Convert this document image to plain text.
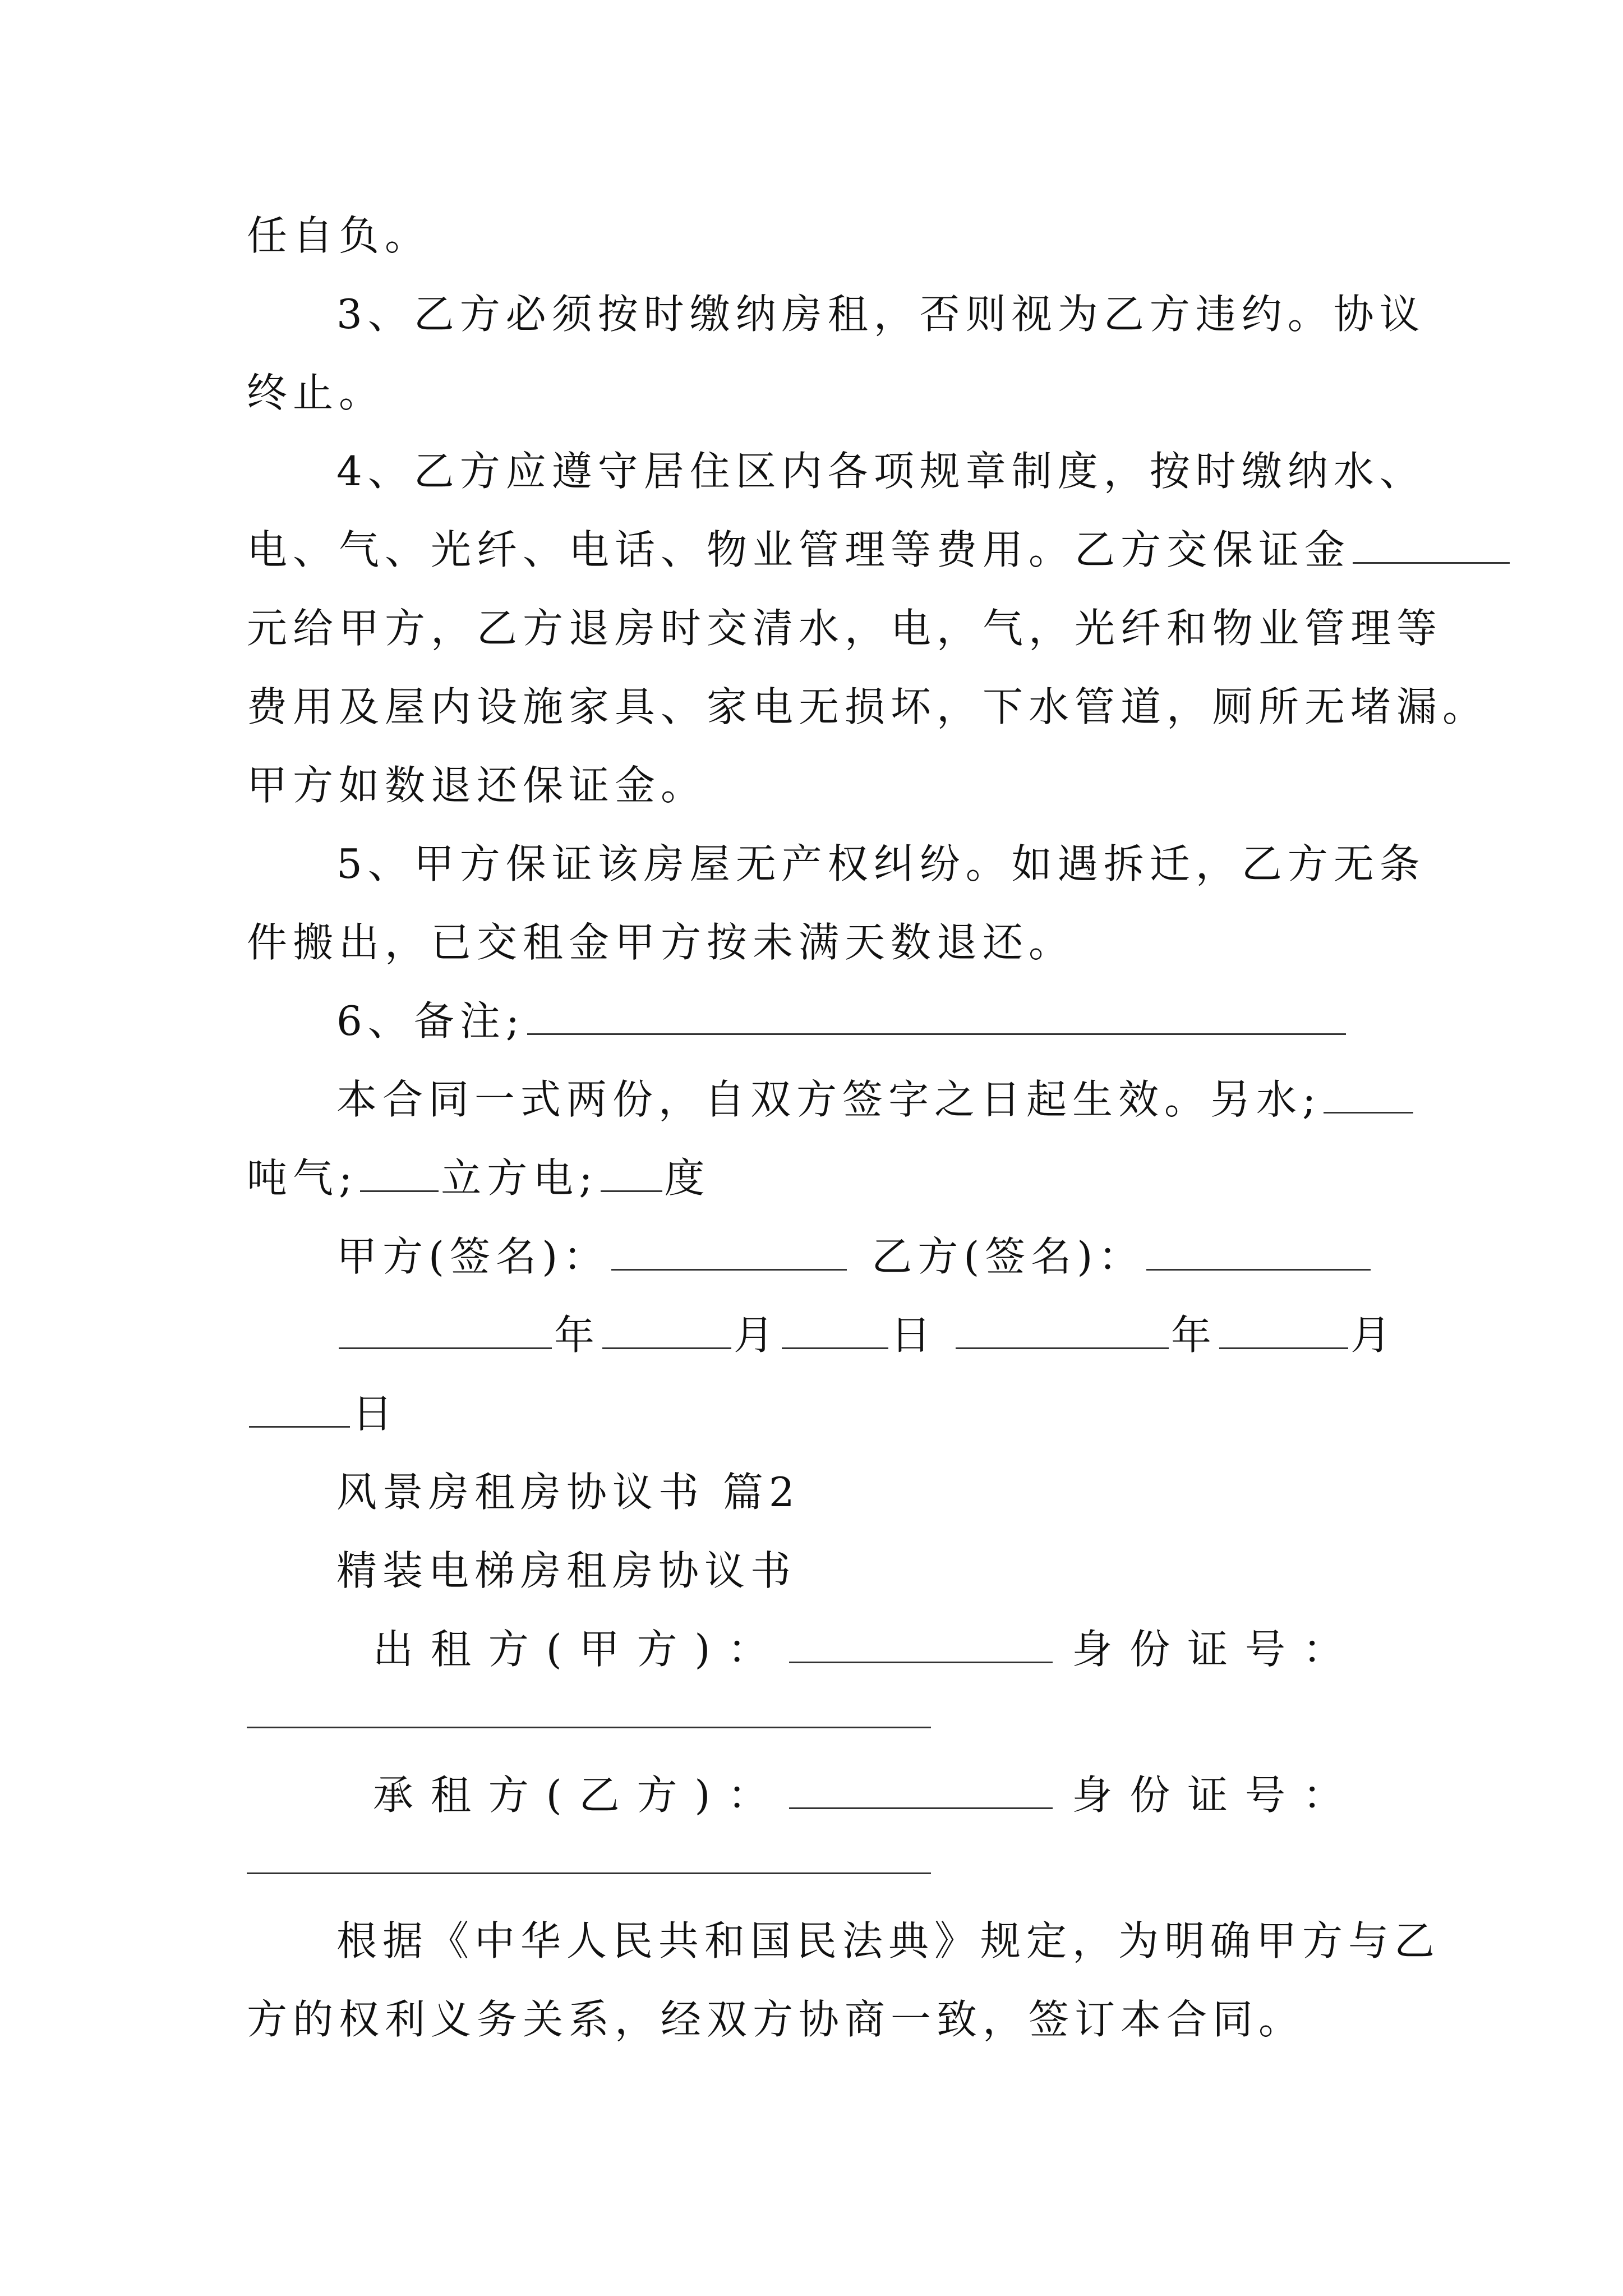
任自负。
3、乙方必须按时缴纳房租，否则视为乙方违约。协议
终止。
4、乙方应遵守居住区内各项规章制度，按时缴纳水、
电、气、光纤、电话、物业管理等费用。乙方交保证金
元给甲方，乙方退房时交清水，电，气，光纤和物业管理等
费用及屋内设施家具、家电无损坏，下水管道，厕所无堵漏。
甲方如数退还保证金。
5、甲方保证该房屋无产权纠纷。如遇拆迁，乙方无条
件搬出，已交租金甲方按未满天数退还。
6、备注;
本合同一式两份，自双方签字之日起生效。另水;
吨气; 立方电; 度
甲方(签名)：	乙方(签名)：
年	月	日	年	月
日
风景房租房协议书 篇2
精装电梯房租房协议书
出 租 方 ( 甲 方 ) ：	身 份 证 号 ：
承 租 方 ( 乙 方 ) ：	身 份 证 号 ：
根据《中华人民共和国民法典》规定，为明确甲方与乙
方的权利义务关系，经双方协商一致，签订本合同。
